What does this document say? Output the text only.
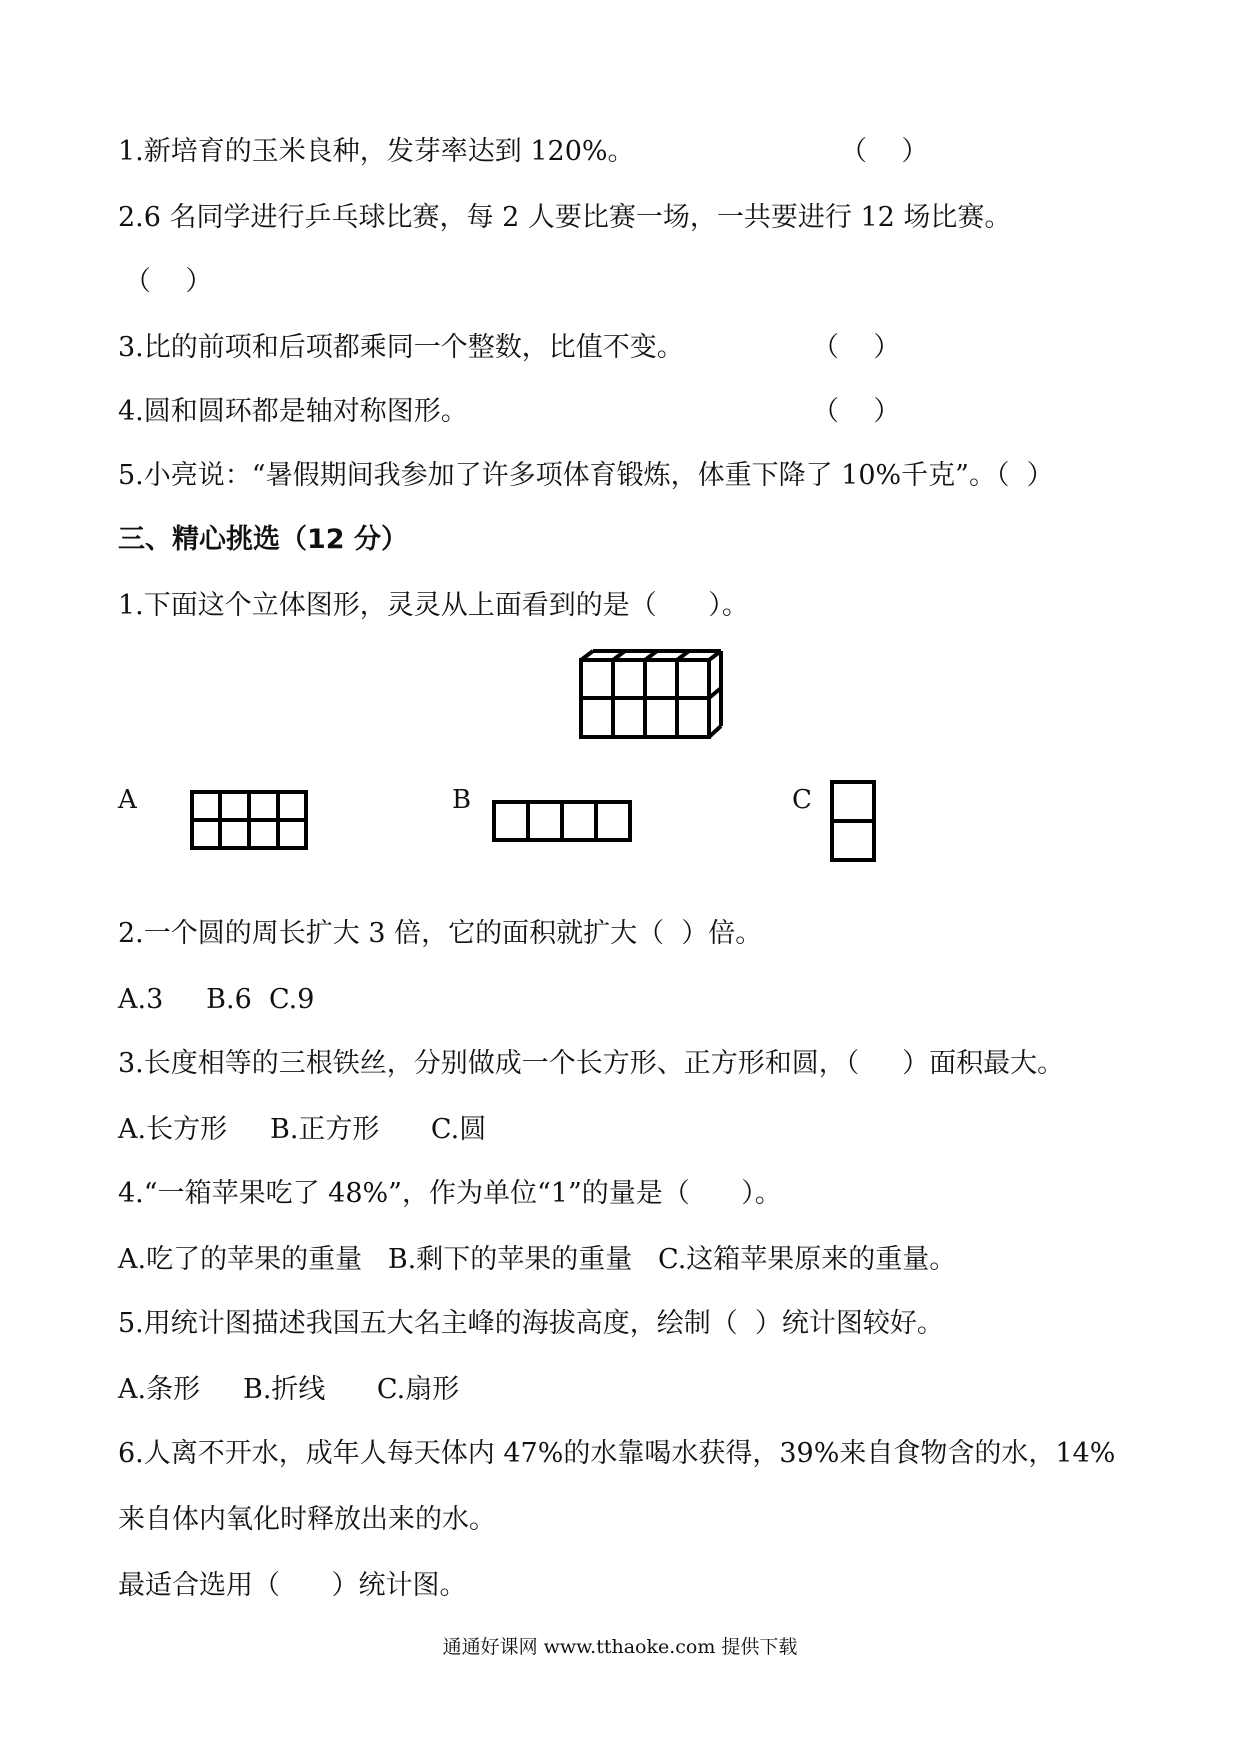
1.新培育的玉米良种，发芽率达到 120%。	（    ）
2.6 名同学进行乒乓球比赛，每 2 人要比赛一场，一共要进行 12 场比赛。
（    ）
3.比的前项和后项都乘同一个整数，比值不变。	（    ）
4.圆和圆环都是轴对称图形。	（    ）
5.小亮说：“暑假期间我参加了许多项体育锻炼，体重下降了 10%千克”。（  ）
三、精心挑选（12 分）
1.下面这个立体图形，灵灵从上面看到的是（      ）。
A	B	C
2.一个圆的周长扩大 3 倍，它的面积就扩大（  ）倍。
A.3     B.6  C.9
3.长度相等的三根铁丝，分别做成一个长方形、正方形和圆，（     ）面积最大。
A.长方形     B.正方形      C.圆
4.“一箱苹果吃了 48%”，作为单位“1”的量是（      ）。
A.吃了的苹果的重量   B.剩下的苹果的重量   C.这箱苹果原来的重量。
5.用统计图描述我国五大名主峰的海拔高度，绘制（  ）统计图较好。
A.条形     B.折线      C.扇形
6.人离不开水，成年人每天体内 47%的水靠喝水获得，39%来自食物含的水，14%
来自体内氧化时释放出来的水。
最适合选用（      ）统计图。
通通好课网 www.tthaoke.com 提供下载
